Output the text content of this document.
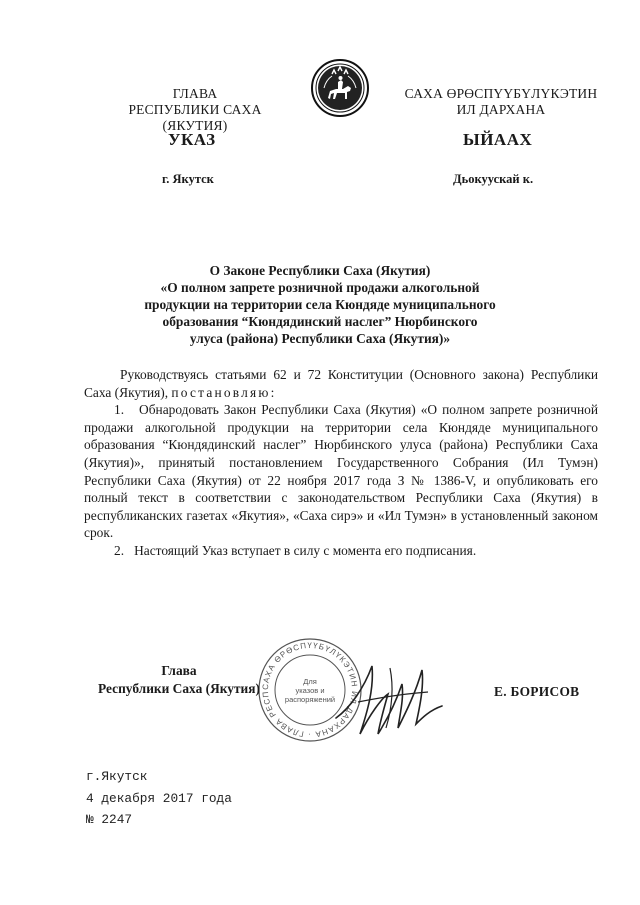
ГЛАВА
РЕСПУБЛИКИ САХА (ЯКУТИЯ)
САХА ӨРӨСПҮҮБҮЛҮКЭТИН
ИЛ ДАРХАНА
УКАЗ	ЫЙААХ
г. Якутск	Дьокуускай к.
О Законе Республики Саха (Якутия)
«О полном запрете розничной продажи алкогольной
продукции на территории села Кюндяде муниципального
образования “Кюндядинский наслег” Нюрбинского
улуса (района) Республики Саха (Якутия)»
Руководствуясь статьями 62 и 72 Конституции (Основного закона) Республики Саха (Якутия), постановляю:
1. Обнародовать Закон Республики Саха (Якутия) «О полном запрете розничной продажи алкогольной продукции на территории села Кюндяде муниципального образования “Кюндядинский наслег” Нюрбинского улуса (района) Республики Саха (Якутия)», принятый постановлением Государственного Собрания (Ил Тумэн) Республики Саха (Якутия) от 22 ноября 2017 года З № 1386-V, и опубликовать его полный текст в соответствии с законодательством Республики Саха (Якутия) в республиканских газетах «Якутия», «Саха сирэ» и «Ил Тумэн» в установленный законом срок.
2. Настоящий Указ вступает в силу с момента его подписания.
САХА ӨРӨСПҮҮБҮЛҮКЭТИН ИЛ ДАРХАНА · ГЛАВА РЕСП
Для
указов и
распоряжений
Глава
Республики Саха (Якутия)	Е. БОРИСОВ
г.Якутск
4 декабря 2017 года
№ 2247
